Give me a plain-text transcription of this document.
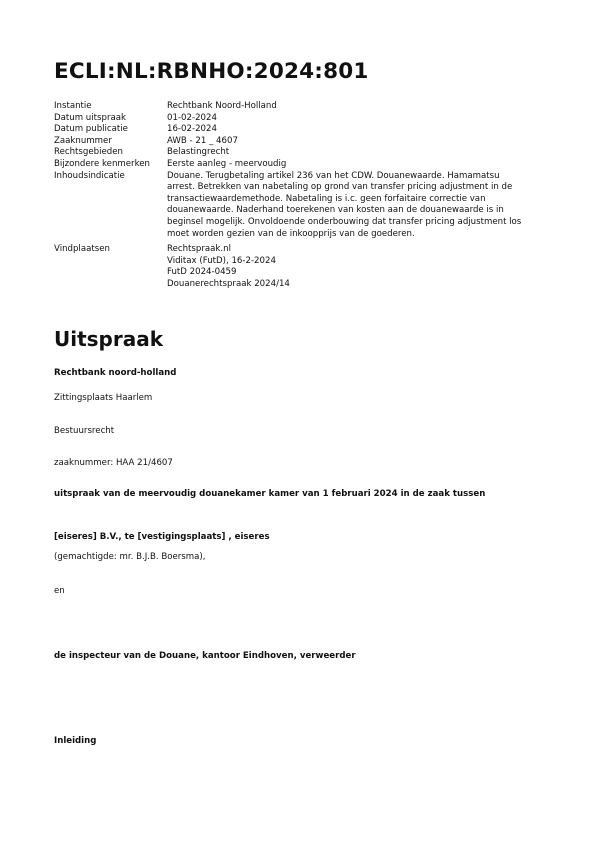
ECLI:NL:RBNHO:2024:801
Instantie	Rechtbank Noord-Holland
Datum uitspraak	01-02-2024
Datum publicatie	16-02-2024
Zaaknummer	AWB - 21 _ 4607
Rechtsgebieden	Belastingrecht
Bijzondere kenmerken	Eerste aanleg - meervoudig
Inhoudsindicatie	Douane. Terugbetaling artikel 236 van het CDW. Douanewaarde. Hamamatsu
arrest. Betrekken van nabetaling op grond van transfer pricing adjustment in de
transactiewaardemethode. Nabetaling is i.c. geen forfaitaire correctie van
douanewaarde. Naderhand toerekenen van kosten aan de douanewaarde is in
beginsel mogelijk. Onvoldoende onderbouwing dat transfer pricing adjustment los
moet worden gezien van de inkoopprijs van de goederen.
Vindplaatsen	Rechtspraak.nl
Viditax (FutD), 16-2-2024
FutD 2024-0459
Douanerechtspraak 2024/14
Uitspraak
Rechtbank noord-holland
Zittingsplaats Haarlem
Bestuursrecht
zaaknummer: HAA 21/4607
uitspraak van de meervoudig douanekamer kamer van 1 februari 2024 in de zaak tussen
[eiseres] B.V., te [vestigingsplaats] , eiseres
(gemachtigde: mr. B.J.B. Boersma),
en
de inspecteur van de Douane, kantoor Eindhoven, verweerder
Inleiding
